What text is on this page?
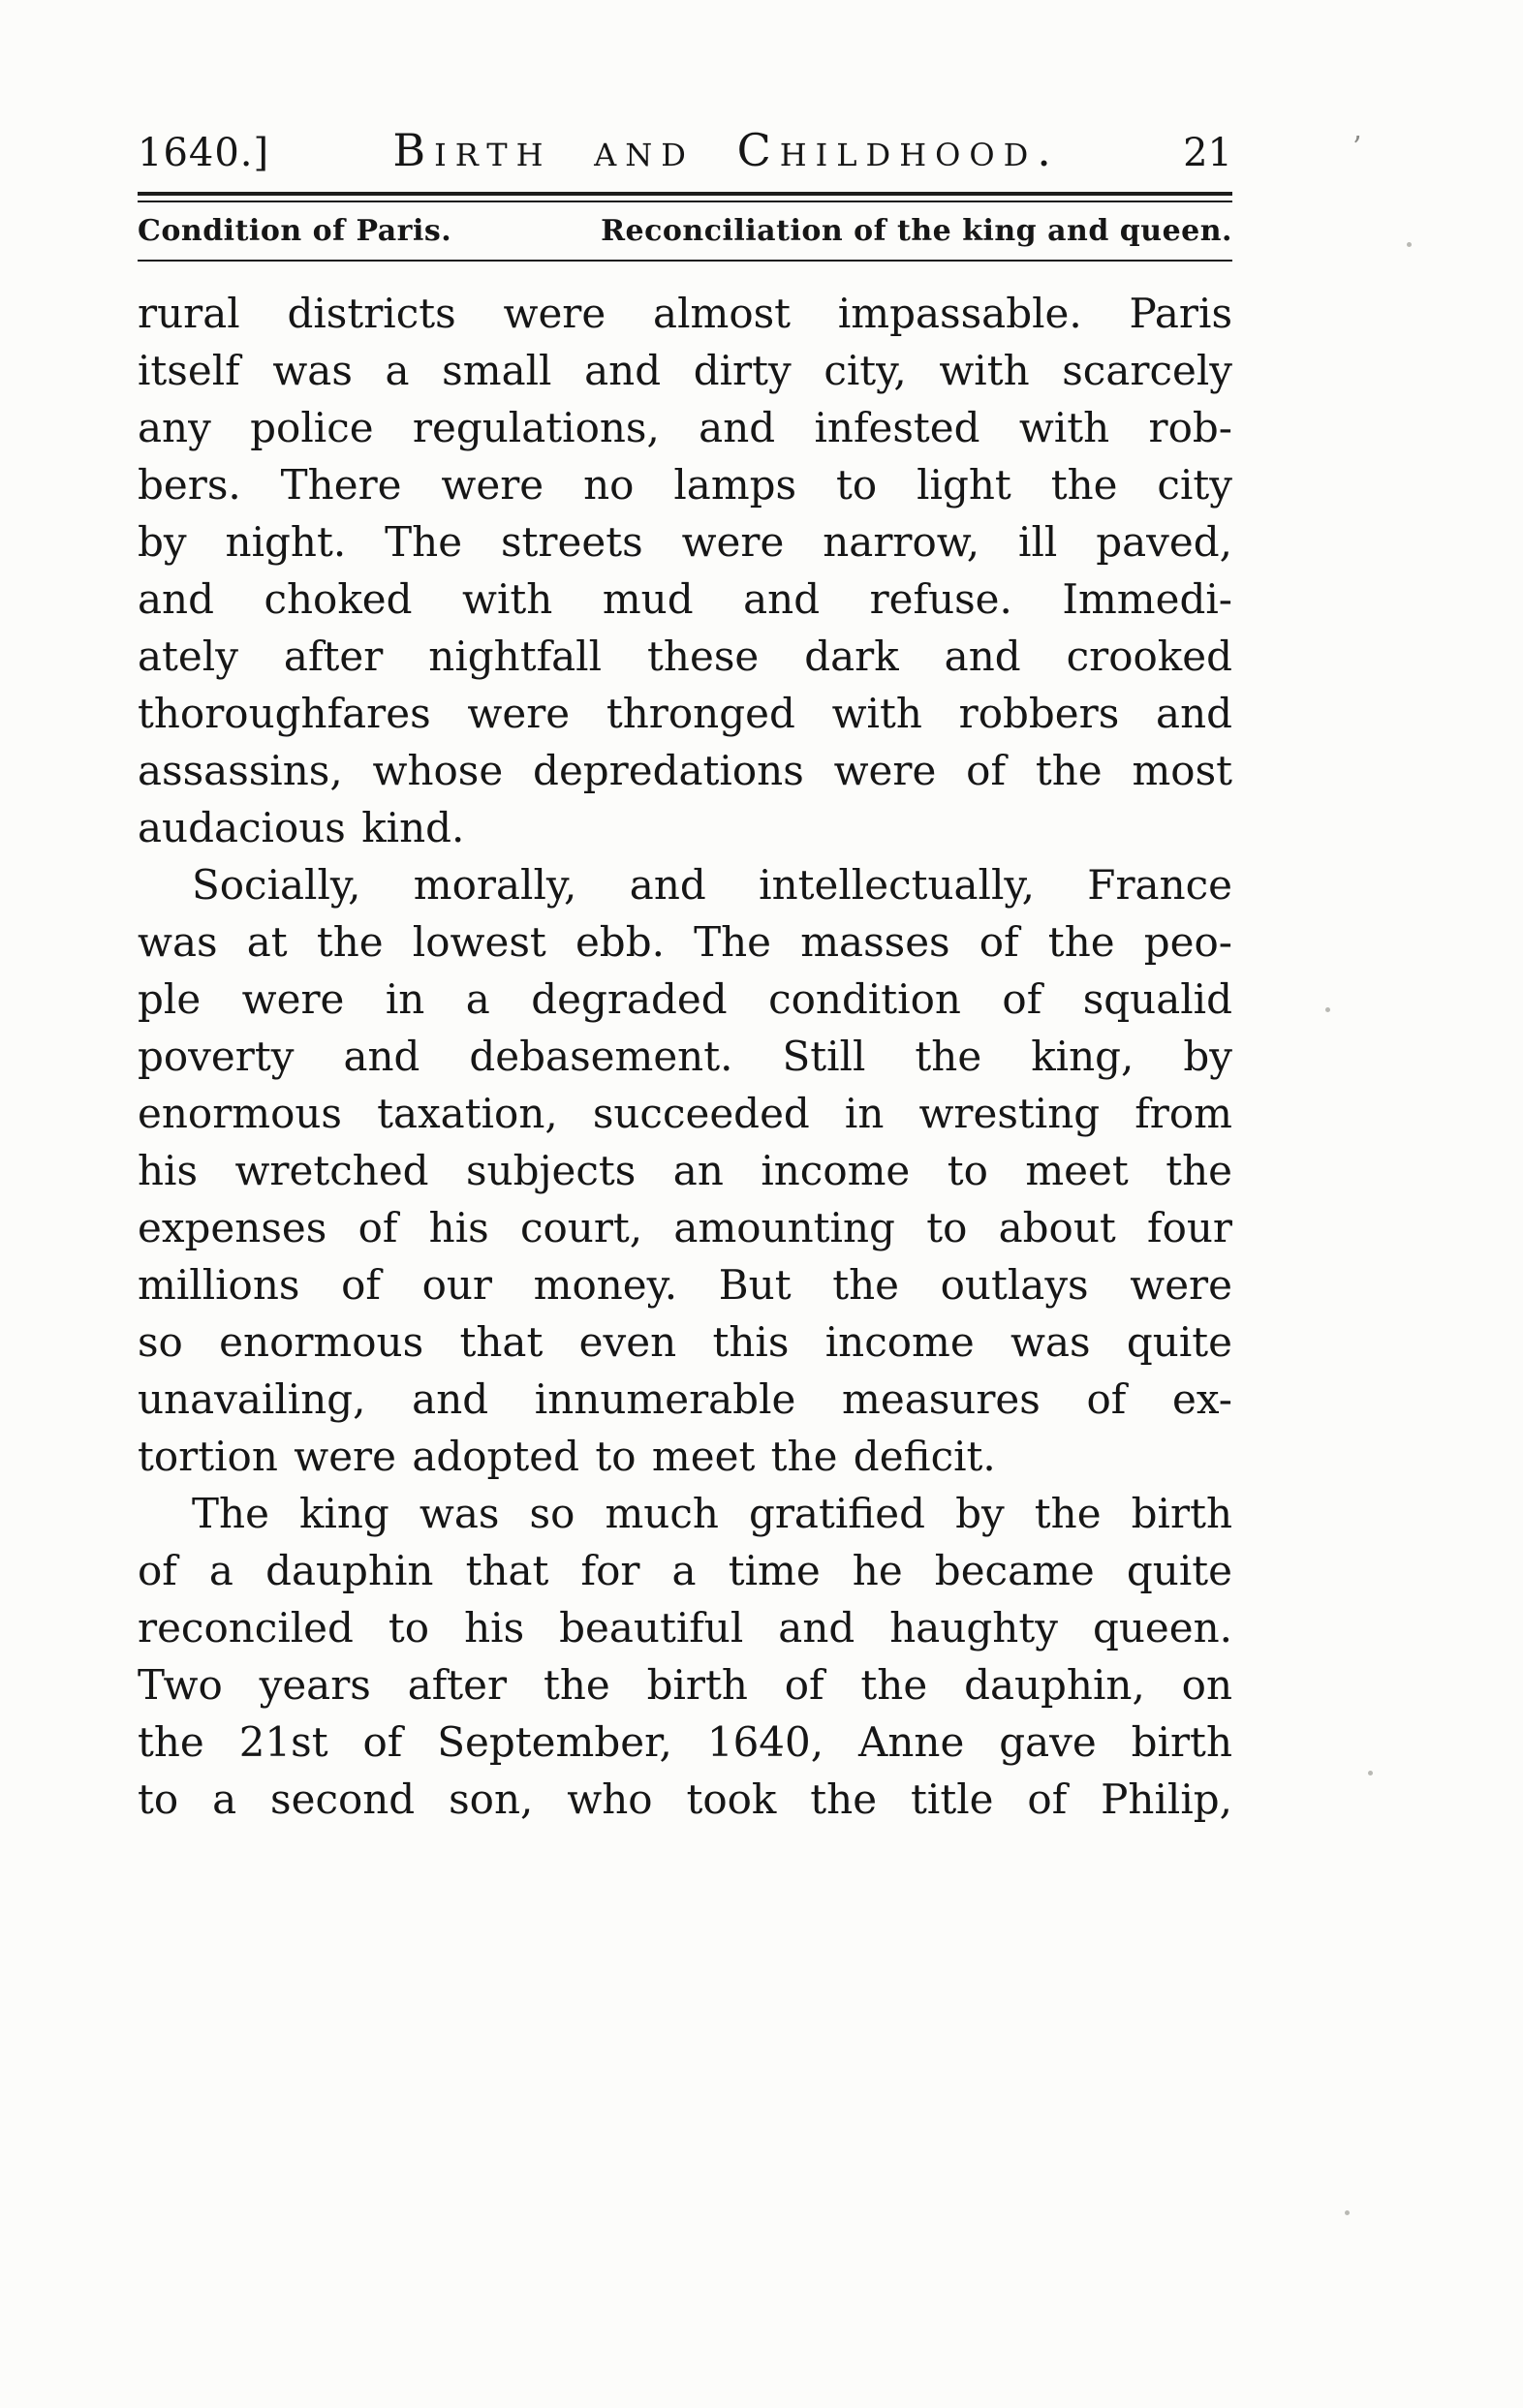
1640.]	Birth and Childhood.	21
Condition of Paris.	Reconciliation of the king and queen.
rural districts were almost impassable. Paris
itself was a small and dirty city, with scarcely
any police regulations, and infested with rob-
bers. There were no lamps to light the city
by night. The streets were narrow, ill paved,
and choked with mud and refuse. Immedi-
ately after nightfall these dark and crooked
thoroughfares were thronged with robbers and
assassins, whose depredations were of the most
audacious kind.
Socially, morally, and intellectually, France
was at the lowest ebb. The masses of the peo-
ple were in a degraded condition of squalid
poverty and debasement. Still the king, by
enormous taxation, succeeded in wresting from
his wretched subjects an income to meet the
expenses of his court, amounting to about four
millions of our money. But the outlays were
so enormous that even this income was quite
unavailing, and innumerable measures of ex-
tortion were adopted to meet the deficit.
The king was so much gratified by the birth
of a dauphin that for a time he became quite
reconciled to his beautiful and haughty queen.
Two years after the birth of the dauphin, on
the 21st of September, 1640, Anne gave birth
to a second son, who took the title of Philip,
’
